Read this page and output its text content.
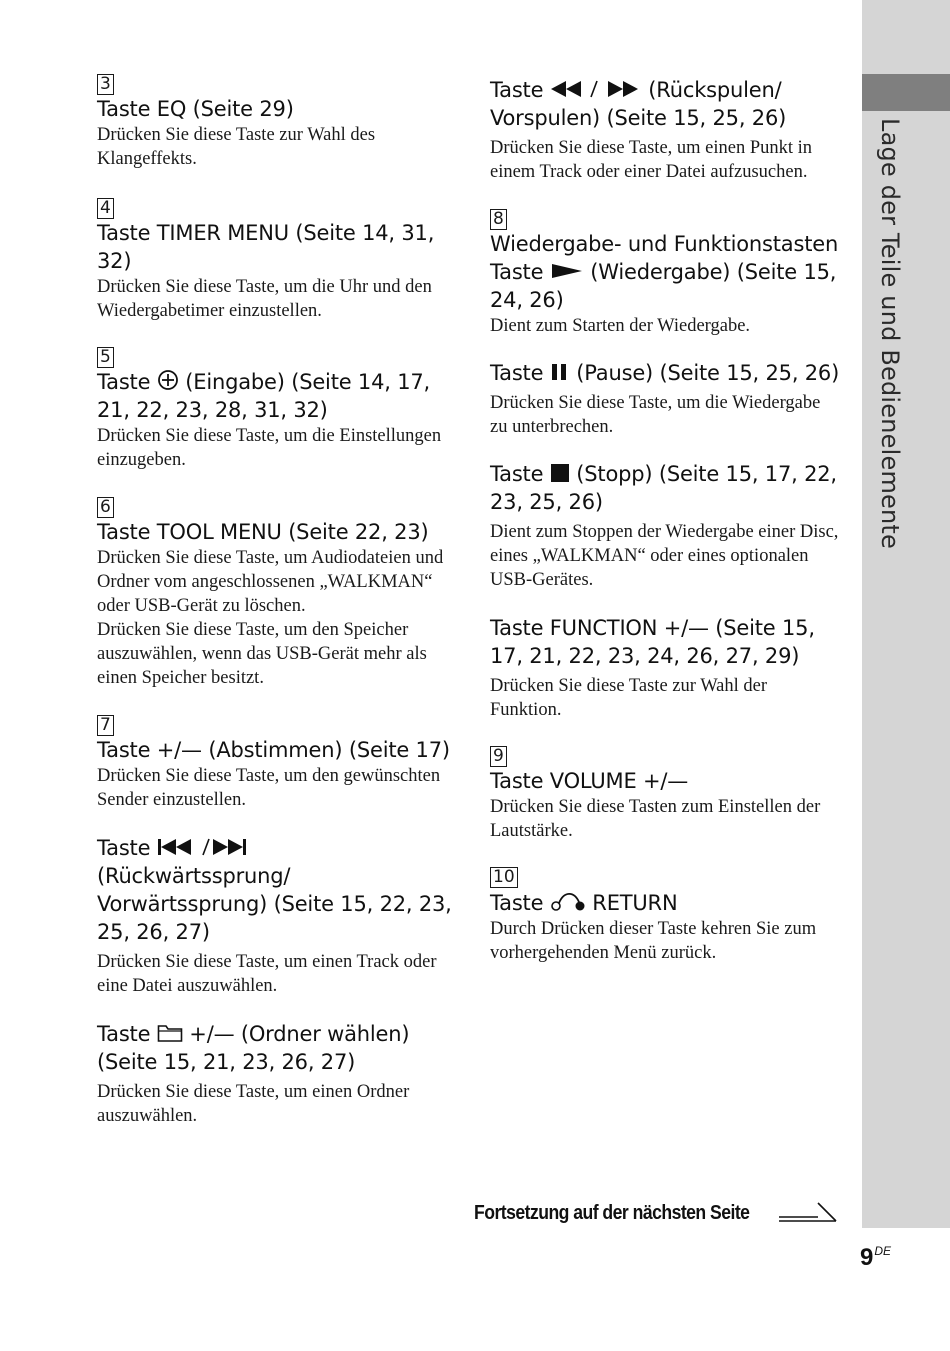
Lage der Teile und Bedienelemente
3
Taste EQ (Seite 29)
Drücken Sie diese Taste zur Wahl des Klangeffekts.
4
Taste TIMER MENU (Seite 14, 31, 32)
Drücken Sie diese Taste, um die Uhr und den Wiedergabetimer einzustellen.
5
Taste (Eingabe) (Seite 14, 17, 21, 22, 23, 28, 31, 32)
Drücken Sie diese Taste, um die Einstellungen einzugeben.
6
Taste TOOL MENU (Seite 22, 23)

Drücken Sie diese Taste, um Audiodateien und Ordner vom angeschlossenen „WALKMAN“ oder USB-Gerät zu löschen.

Drücken Sie diese Taste, um den Speicher auszuwählen, wenn das USB-Gerät mehr als einen Speicher besitzt.

7
Taste +/— (Abstimmen) (Seite 17)
Drücken Sie diese Taste, um den gewünschten Sender einzustellen.
Taste  (Rückwärtssprung/ Vorwärtssprung) (Seite 15, 22, 23, 25, 26, 27)
Drücken Sie diese Taste, um einen Track oder eine Datei auszuwählen.
Taste +/— (Ordner wählen) (Seite 15, 21, 23, 26, 27)
Drücken Sie diese Taste, um einen Ordner auszuwählen.
Taste	(Rückspulen/ Vorspulen) (Seite 15, 25, 26)
Drücken Sie diese Taste, um einen Punkt in einem Track oder einer Datei aufzusuchen.
8
Wiedergabe- und Funktionstasten
Taste (Wiedergabe) (Seite 15, 24, 26)
Dient zum Starten der Wiedergabe.
Taste (Pause) (Seite 15, 25, 26)
Drücken Sie diese Taste, um die Wiedergabe zu unterbrechen.
Taste (Stopp) (Seite 15, 17, 22, 23, 25, 26)
Dient zum Stoppen der Wiedergabe einer Disc, eines „WALKMAN“ oder eines optionalen USB-Gerätes.
Taste FUNCTION +/— (Seite 15, 17, 21, 22, 23, 24, 26, 27, 29)
Drücken Sie diese Taste zur Wahl der Funktion.
9
Taste VOLUME +/—
Drücken Sie diese Tasten zum Einstellen der Lautstärke.
10
Taste RETURN
Durch Drücken dieser Taste kehren Sie zum vorhergehenden Menü zurück.
Fortsetzung auf der nächsten Seite
9DE
